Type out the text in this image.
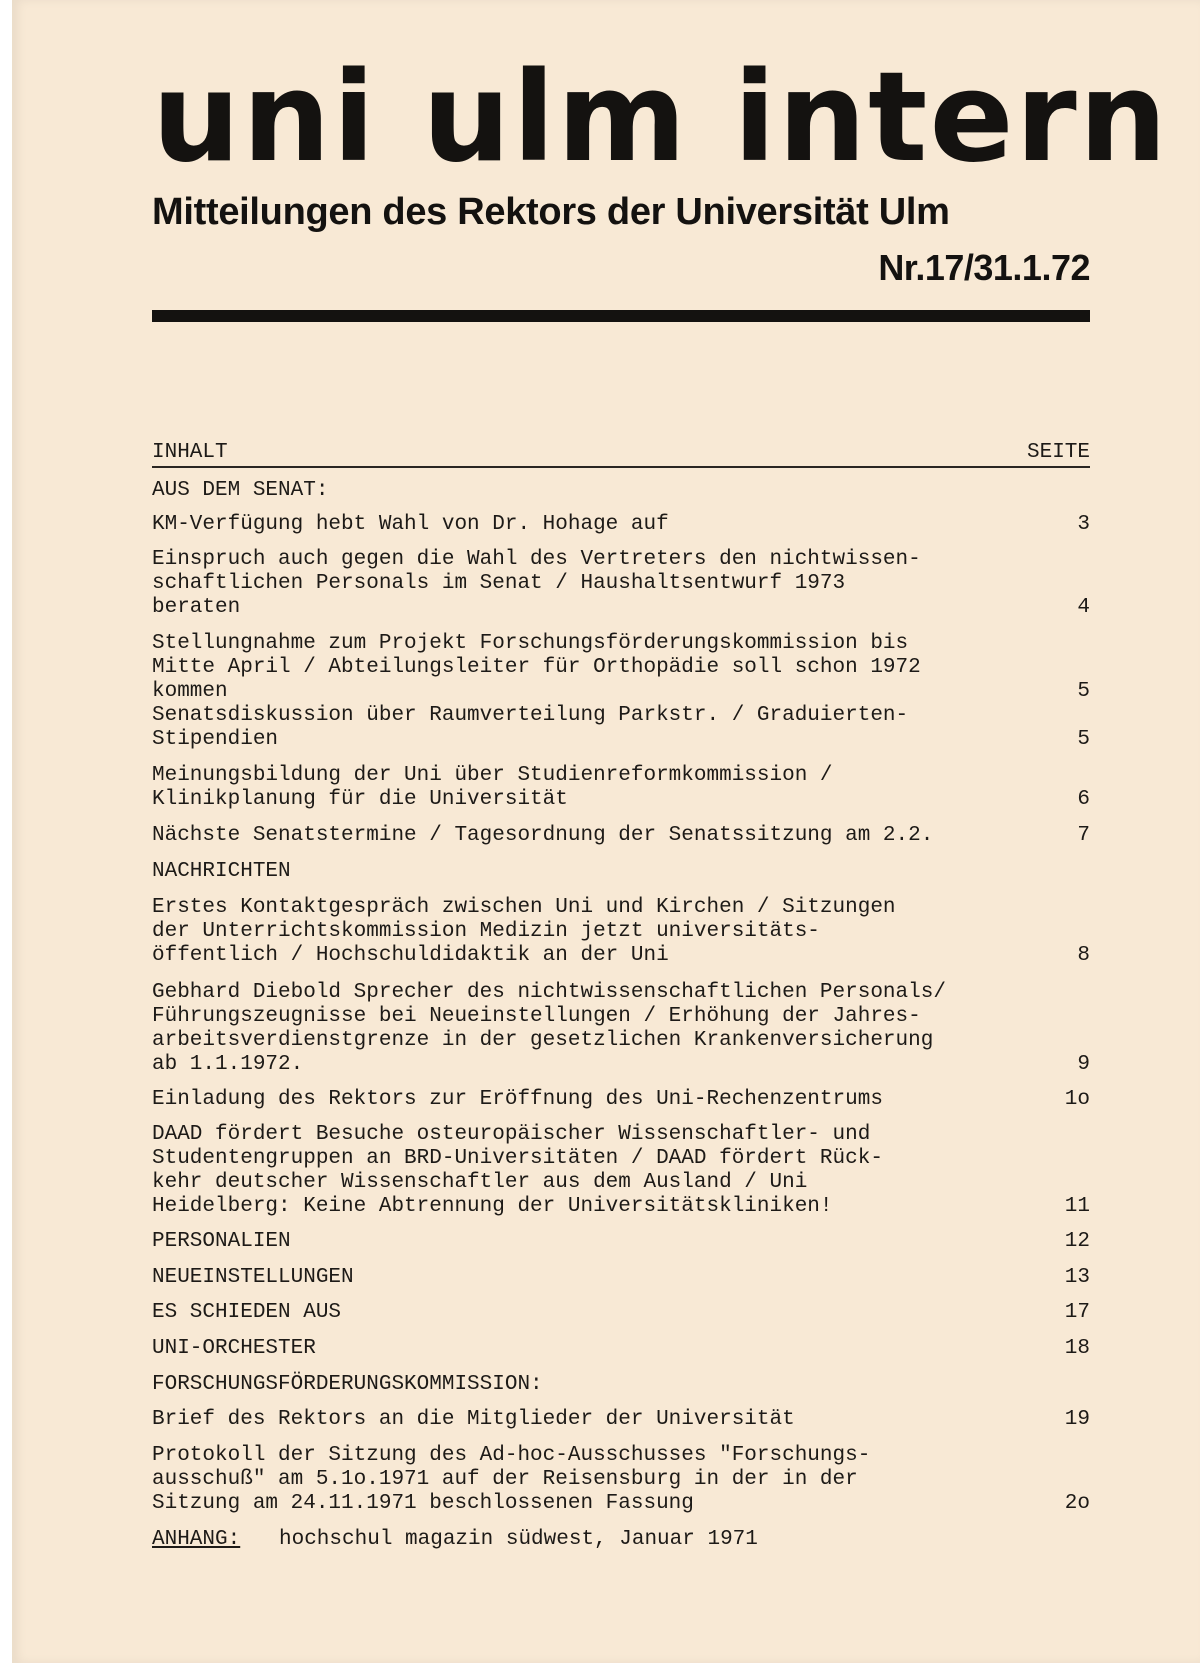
uni ulm intern
Mitteilungen des Rektors der Universität Ulm
Nr.17/31.1.72
INHALT	SEITE
AUS DEM SENAT:
KM-Verfügung hebt Wahl von Dr. Hohage auf	3
Einspruch auch gegen die Wahl des Vertreters den nichtwissen-
schaftlichen Personals im Senat / Haushaltsentwurf 1973
beraten	4
Stellungnahme zum Projekt Forschungsförderungskommission bis
Mitte April / Abteilungsleiter für Orthopädie soll schon 1972
kommen	5
Senatsdiskussion über Raumverteilung Parkstr. / Graduierten-
Stipendien	5
Meinungsbildung der Uni über Studienreformkommission /
Klinikplanung für die Universität	6
Nächste Senatstermine / Tagesordnung der Senatssitzung am 2.2.	7
NACHRICHTEN
Erstes Kontaktgespräch zwischen Uni und Kirchen / Sitzungen
der Unterrichtskommission Medizin jetzt universitäts-
öffentlich / Hochschuldidaktik an der Uni	8
Gebhard Diebold Sprecher des nichtwissenschaftlichen Personals/
Führungszeugnisse bei Neueinstellungen / Erhöhung der Jahres-
arbeitsverdienstgrenze in der gesetzlichen Krankenversicherung
ab 1.1.1972.	9
Einladung des Rektors zur Eröffnung des Uni-Rechenzentrums	1o
DAAD fördert Besuche osteuropäischer Wissenschaftler- und
Studentengruppen an BRD-Universitäten / DAAD fördert Rück-
kehr deutscher Wissenschaftler aus dem Ausland / Uni
Heidelberg: Keine Abtrennung der Universitätskliniken!	11
PERSONALIEN	12
NEUEINSTELLUNGEN	13
ES SCHIEDEN AUS	17
UNI-ORCHESTER	18
FORSCHUNGSFÖRDERUNGSKOMMISSION:
Brief des Rektors an die Mitglieder der Universität	19
Protokoll der Sitzung des Ad-hoc-Ausschusses "Forschungs-
ausschuß" am 5.1o.1971 auf der Reisensburg in der in der
Sitzung am 24.11.1971 beschlossenen Fassung	2o
ANHANG: hochschul magazin südwest, Januar 1971
